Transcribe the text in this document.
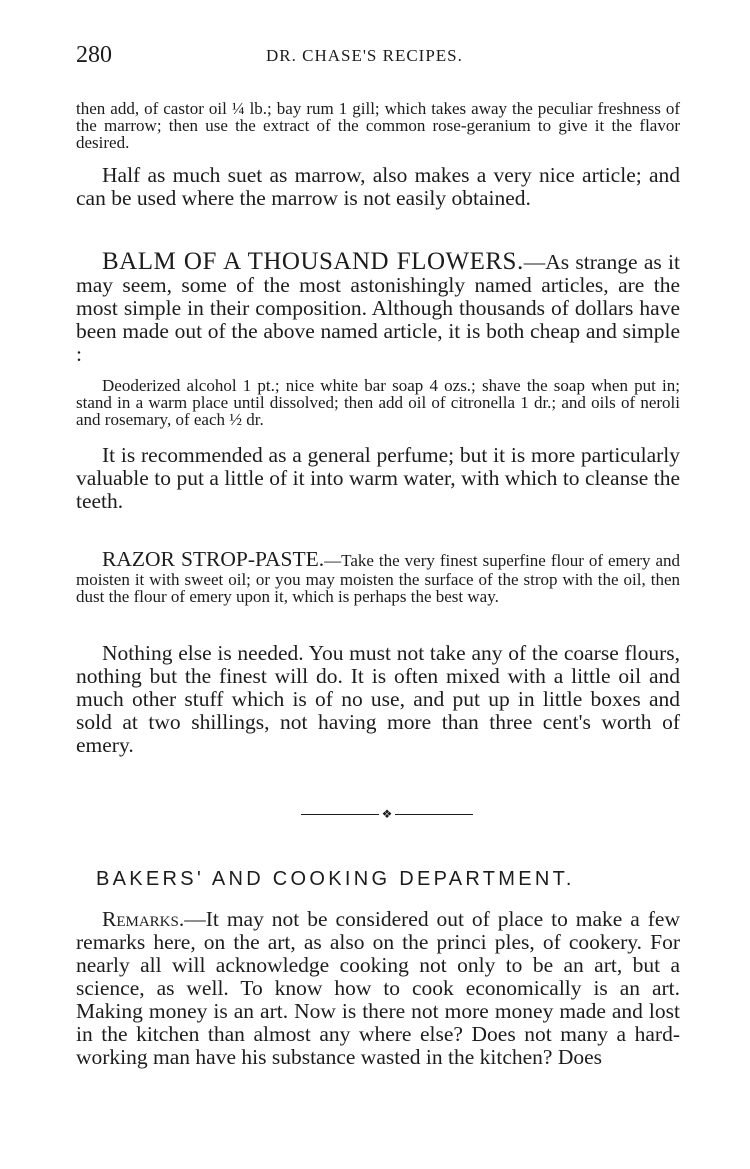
280	DR. CHASE'S RECIPES.

then add, of castor oil ¼ lb.; bay rum 1 gill; which takes away the peculiar freshness of the marrow; then use the extract of the common rose-geranium to give it the flavor desired.

Half as much suet as marrow, also makes a very nice article; and can be used where the marrow is not easily obtained.

BALM OF A THOUSAND FLOWERS.—As strange as it may seem, some of the most astonishingly named articles, are the most simple in their composition. Although thousands of dollars have been made out of the above named article, it is both cheap and simple :

Deoderized alcohol 1 pt.; nice white bar soap 4 ozs.; shave the soap when put in; stand in a warm place until dissolved; then add oil of citronella 1 dr.; and oils of neroli and rosemary, of each ½ dr.

It is recommended as a general perfume; but it is more particularly valuable to put a little of it into warm water, with which to cleanse the teeth.

RAZOR STROP-PASTE.—Take the very finest superfine flour of emery and moisten it with sweet oil; or you may moisten the surface of the strop with the oil, then dust the flour of emery upon it, which is perhaps the best way.

Nothing else is needed. You must not take any of the coarse flours, nothing but the finest will do. It is often mixed with a little oil and much other stuff which is of no use, and put up in little boxes and sold at two shillings, not having more than three cent's worth of emery.

❖

BAKERS' AND COOKING DEPARTMENT.

Remarks.—It may not be considered out of place to make a few remarks here, on the art, as also on the princi ples, of cookery. For nearly all will acknowledge cooking not only to be an art, but a science, as well. To know how to cook economically is an art. Making money is an art. Now is there not more money made and lost in the kitchen than almost any where else? Does not many a hard-working man have his substance wasted in the kitchen? Does
